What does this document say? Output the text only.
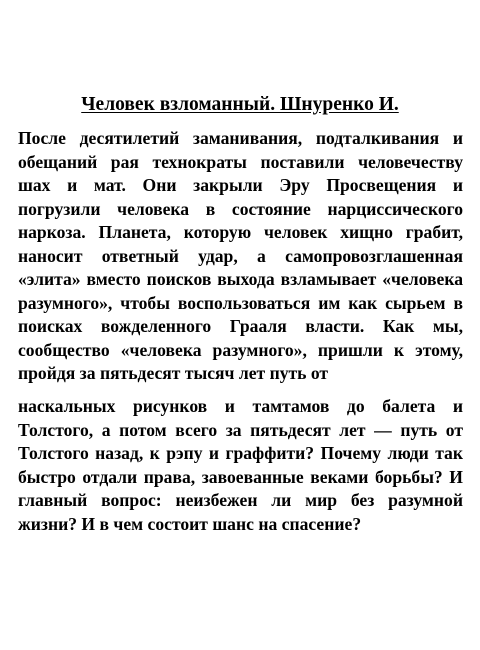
Человек взломанный. Шнуренко И.

После десятилетий заманивания, подталкивания и обещаний рая технократы поставили человечеству шах и мат. Они закрыли Эру Просвещения и погрузили человека в состояние нарциссического наркоза. Планета, которую человек хищно грабит, наносит ответный удар, а самопровозглашенная «элита» вместо поисков выхода взламывает «человека разумного», чтобы воспользоваться им как сырьем в поисках вожделенного Грааля власти. Как мы, сообщество «человека разумного», пришли к этому, пройдя за пятьдесят тысяч лет путь от

наскальных рисунков и тамтамов до балета и Толстого, а потом всего за пятьдесят лет — путь от Толстого назад, к рэпу и граффити? Почему люди так быстро отдали права, завоеванные веками борьбы? И главный вопрос: неизбежен ли мир без разумной жизни? И в чем состоит шанс на спасение?
